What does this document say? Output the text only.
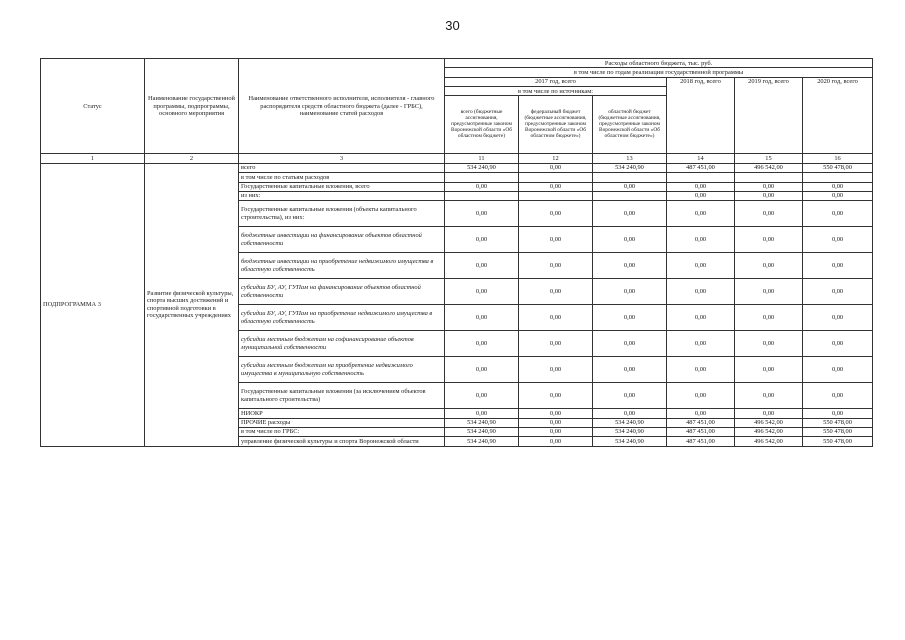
30
Статус	Наименование государственной программы, подпрограммы, основного мероприятия	Наименование ответственного исполнителя, исполнителя - главного распорядителя средств областного бюджета (далее - ГРБС), наименование статей расходов	Расходы областного бюджета, тыс. руб.					
			в том числе по годам реализации государственной программы					
			2017 год, всего			2018 год, всего	2019 год, всего	2020 год, всего
			в том числе по источникам:					
			всего (бюджетные ассигнования, предусмотренные законом Воронежской области «Об областном бюджете)	федеральный бюджет (бюджетные ассигнования, предусмотренные законом Воронежской области «Об областном бюджете»)	областной бюджет (бюджетные ассигнования, предусмотренные законом Воронежской области «Об областном бюджете»)			
1	2	3	11	12	13	14	15	16
ПОДПРОГРАММА 3	Развитие физической культуры, спорта высших достижений и спортивной подготовки в государственных учреждениях	всего	534 240,90	0,00	534 240,90	487 451,00	496 542,00	550 478,00
		в том числе по статьям расходов						
		Государственные капитальные вложения, всего	0,00	0,00	0,00	0,00	0,00	0,00
		из них:				0,00	0,00	0,00
		Государственные капитальные вложения (объекты капитального строительства), из них:	0,00	0,00	0,00	0,00	0,00	0,00
		бюджетные инвестиции на финансирование объектов областной собственности	0,00	0,00	0,00	0,00	0,00	0,00
		бюджетные инвестиции на приобретение недвижимого имущества в областную собственность	0,00	0,00	0,00	0,00	0,00	0,00
		субсидии БУ, АУ, ГУПам на финансирование объектов областной собственности	0,00	0,00	0,00	0,00	0,00	0,00
		субсидии БУ, АУ, ГУПам на приобретение недвижимого имущества в областную собственность	0,00	0,00	0,00	0,00	0,00	0,00
		субсидии местным бюджетам на софинансирование объектов муниципальной собственности	0,00	0,00	0,00	0,00	0,00	0,00
		субсидии местным бюджетам на приобретение недвижимого имущества в муниципальную собственность	0,00	0,00	0,00	0,00	0,00	0,00
		Государственные капитальные вложения (за исключением объектов капитального строительства)	0,00	0,00	0,00	0,00	0,00	0,00
		НИОКР	0,00	0,00	0,00	0,00	0,00	0,00
		ПРОЧИЕ расходы	534 240,90	0,00	534 240,90	487 451,00	496 542,00	550 478,00
		в том числе по ГРБС:	534 240,90	0,00	534 240,90	487 451,00	496 542,00	550 478,00
		управление физической культуры и спорта Воронежской области	534 240,90	0,00	534 240,90	487 451,00	496 542,00	550 478,00
